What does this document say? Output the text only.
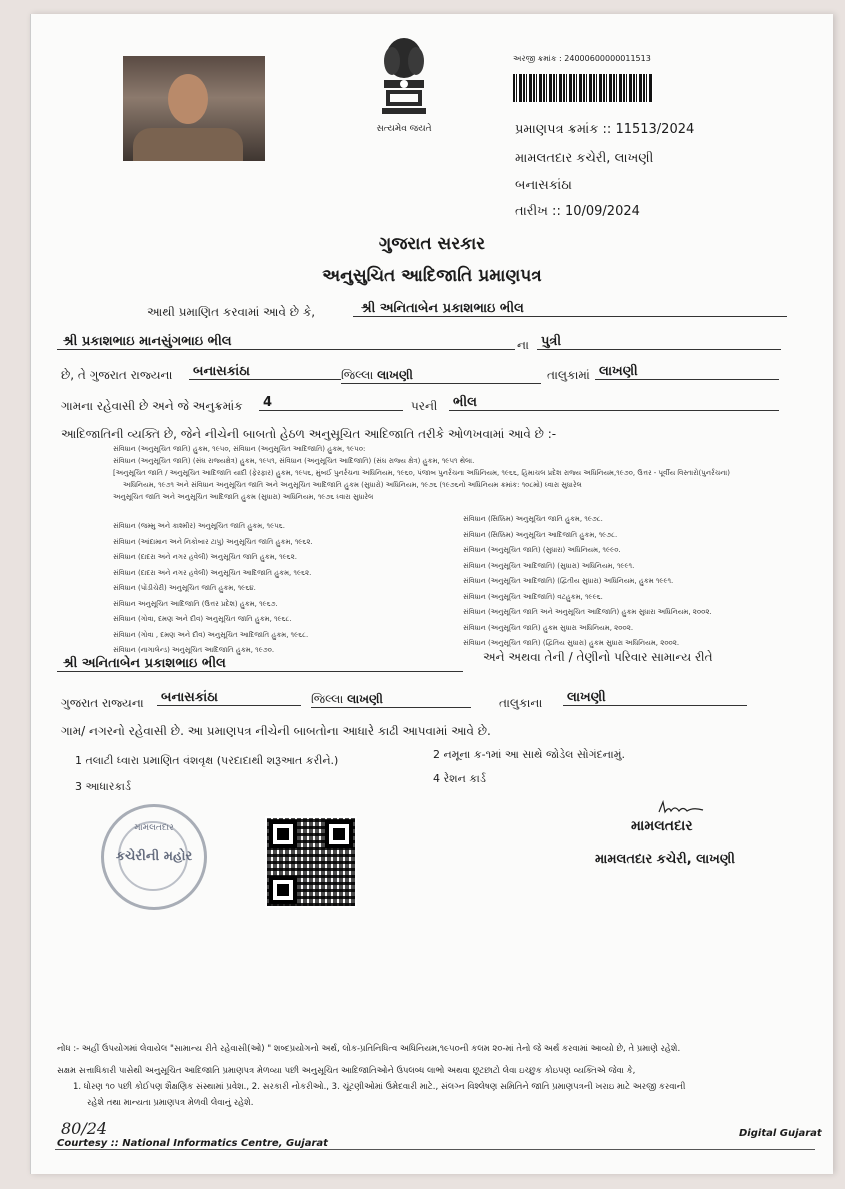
સત્યમેવ જયતે
અરજી ક્રમાંક : 24000600000011513
પ્રમાણપત્ર ક્રમાંક :: 11513/2024
મામલતદાર કચેરી, લાખણી
બનાસકાંઠા
તારીખ :: 10/09/2024
ગુજરાત સરકાર
અનુસુચિત આદિજાતિ પ્રમાણપત્ર
આથી પ્રમાણિત કરવામાં આવે છે કે,	શ્રી અનિતાબેન પ્રકાશભાઇ ભીલ
શ્રી પ્રકાશભાઇ માનસુંગભાઇ ભીલ	ના પુત્રી
છે, તે ગુજરાત રાજ્યના	બનાસકાંઠા	જિલ્લા લાખણી	તાલુકામાં લાખણી
ગામના રહેવાસી છે અને જે અનુક્રમાંક	4	પરની	ભીલ
આદિજાતિની વ્યક્તિ છે, જેને નીચેની બાબતો હેઠળ અનુસૂચિત આદિજાતિ તરીકે ઓળખવામાં આવે છે :-
સંવિધાન (અનુસૂચિત જાતિ) હુકમ, ૧૯૫૦, સંવિધાન (અનુસૂચિત આદિજાતિ) હુકમ, ૧૯૫૦:
સંવિધાન (અનુસૂચિત જાતિ) (સંઘ રાજ્યક્ષેત્ર) હુકમ, ૧૯૫૧, સંવિધાન (અનુસૂચિત આદિજાતિ) (સંઘ રાજ્ય ક્ષેત્ર) હુકમ, ૧૯૫૧ થેલા.
[અનુસૂચિત જાતિ / અનુસૂચિત આદિજાતિ યાદી (ફેરફાર) હુકમ, ૧૯૫૬, મુંબઈ પુનર્રચના અધિનિયમ, ૧૯૬૦, પંજાબ પુનર્રચના અધિનિયમ, ૧૯૬૬, હિમાચલ પ્રદેશ રાજ્ય અધિનિયમ,૧૯૭૦, ઉત્તર - પૂર્વીય વિસ્તારો(પુનર્રચના)
અધિનિયમ, ૧૯૭૧ અને સંવિધાન અનુસૂચિત જાતિ અને અનુસૂચિત આદિજાતિ હુકમ (સુધારો) અધિનિયમ, ૧૯૭૬ (૧૯૭૬નો અધિનિયમ ક્રમાંક: ૧૦૮મો) ધ્વારા સુધારેલ
અનુસૂચિત જાતિ અને અનુસૂચિત આદિજાતિ હુકમ (સુધારા) અધિનિયમ, ૧૯૭૬ ધ્વારા સુધારેલ
સંવિધાન (જમ્મુ અને કાશ્મીર) અનુસૂચિત જાતિ હુકમ, ૧૯૫૬.
સંવિધાન (આંદામાન અને નિકોબાર ટાપુ) અનુસૂચિત જાતિ હુકમ, ૧૯૬૨.
સંવિધાન (દાદરા અને નગર હવેલી) અનુસૂચિત જાતિ હુકમ, ૧૯૬૨.
સંવિધાન (દાદરા અને નગર હવેલી) અનુસૂચિત આદિજાતિ હુકમ, ૧૯૬૨.
સંવિધાન (પોંડીચેરી) અનુસૂચિત જાતિ હુકમ, ૧૯૬૪.
સંવિધાન અનુસૂચિત આદિજાતિ (ઉત્તર પ્રદેશ) હુકમ, ૧૯૬૭.
સંવિધાન (ગોવા, દમણ અને દીવ) અનુસૂચિત જાતિ હુકમ, ૧૯૬૮.
સંવિધાન (ગોવા , દમણ અને દીવ) અનુસૂચિત આદિજાતિ હુકમ, ૧૯૬૮.
સંવિધાન (નાગાલેન્ડ) અનુસૂચિત આદિજાતિ હુકમ, ૧૯૭૦.
સંવિધાન (સિક્કિમ) અનુસૂચિત જાતિ હુકમ, ૧૯૭૮.
સંવિધાન (સિક્કિમ) અનુસૂચિત આદિજાતિ હુકમ, ૧૯૭૮.
સંવિધાન (અનુસૂચિત જાતિ) (સુધારા) અધિનિયમ, ૧૯૯૦.
સંવિધાન (અનુસૂચિત આદિજાતિ) (સુધારા) અધિનિયમ, ૧૯૯૧.
સંવિધાન (અનુસૂચિત આદિજાતિ) (દ્વિતીય સુધારા) અધિનિયમ, હુકમ ૧૯૯૧.
સંવિધાન (અનુસૂચિત આદિજાતિ) વટહુકમ, ૧૯૯૬.
સંવિધાન (અનુસૂચિત જાતિ અને અનુસૂચિત આદિજાતિ) હુકમ સુધારા અધિનિયમ, ૨૦૦૨.
સંવિધાન (અનુસૂચિત જાતિ) હુકમ સુધારા અધિનિયમ, ૨૦૦૨.
સંવિધાન (અનુસૂચિત જાતિ) (દ્વિતિય સુધારા) હુકમ સુધારા અધિનિયમ, ૨૦૦૨.
શ્રી અનિતાબેન પ્રકાશભાઇ ભીલ	અને અથવા તેની / તેણીનો પરિવાર સામાન્ય રીતે
ગુજરાત રાજ્યના	બનાસકાંઠા	જિલ્લા લાખણી	તાલુકાના	લાખણી
ગામ/ નગરનો રહેવાસી છે. આ પ્રમાણપત્ર નીચેની બાબતોના આધારે કાઢી આપવામાં આવે છે.
1 તલાટી ધ્વારા પ્રમાણિત વંશવૃક્ષ (પરદાદાથી શરૂઆત કરીને.)	2 નમૂના ક-૧માં આ સાથે જોડેલ સોગંદનામું.
3 આધારકાર્ડ
4 રેશન કાર્ડ
મામલતદાર
કચેરીની મહોર
મામલતદાર
મામલતદાર કચેરી, લાખણી
નોંધ :- અહીં ઉપયોગમાં લેવાયેલ "સામાન્ય રીતે રહેવાસી(ઓ) " શબ્દપ્રયોગનો અર્થ, લોક-પ્રતિનિધિત્વ અધિનિયમ,૧૯૫૦ની કલમ ૨૦-માં તેનો જે અર્થ કરવામાં આવ્યો છે, તે પ્રમાણે રહેશે.
સક્ષમ સત્તાધિકારી પાસેથી અનુસૂચિત આદિજાતિ પ્રમાણપત્ર મેળવ્યા પછી અનુસૂચિત આદિજાતિઓને ઉપલબ્ધ લાભો અથવા છૂટછાટો લેવા ઇચ્છુક કોઇપણ વ્યક્તિએ જેવા કે,
1. ધોરણ ૧૦ પછી કોઈપણ શૈક્ષણિક સંસ્થામાં પ્રવેશ., 2. સરકારી નોકરીઓ., 3. ચૂંટણીઓમાં ઉમેદવારી માટે., સંલગ્ન વિશ્લેષણ સમિતિને જાતિ પ્રમાણપત્રની ખરાઇ માટે અરજી કરવાની
રહેશે તથા માન્યતા પ્રમાણપત્ર મેળવી લેવાનું રહેશે.
80/24
Courtesy :: National Informatics Centre, Gujarat
Digital Gujarat
